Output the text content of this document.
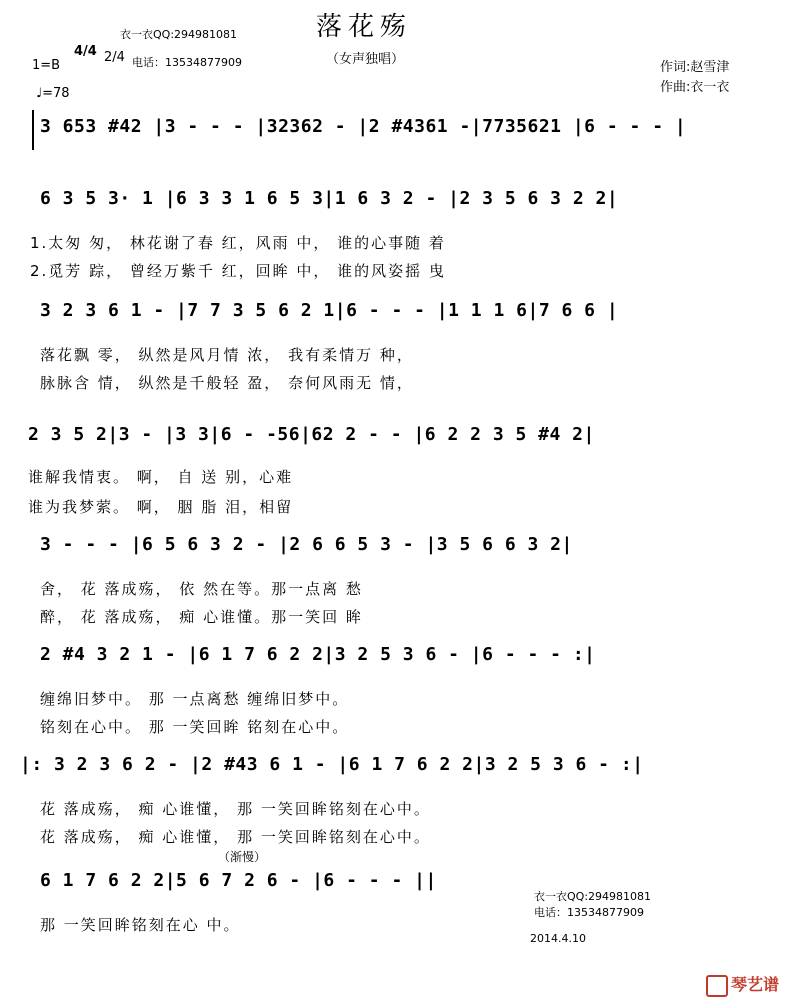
衣一衣QQ:294981081	落花殇
1=B
4/4 2/4 电话：13534877909	（女声独唱）
♩=78
作词:赵雪津
作曲:衣一衣
3 653 #42 |3 - - - |32362 - |2 #4361 -|7735621 |6 - - - |
6 3 5 3· 1 |6 3 3 1 6 5 3|1 6 3 2 - |2 3 5 6 3 2 2|
1.太匆 匆， 林花谢了春 红，风雨 中， 谁的心事随 着
2.觅芳 踪， 曾经万紫千 红，回眸 中， 谁的风姿摇 曳
3 2 3 6 1 - |7 7 3 5 6 2 1|6 - - - |1 1 1 6|7 6 6 |
落花飘 零， 纵然是风月情 浓， 我有柔情万 种，
脉脉含 情， 纵然是千般轻 盈， 奈何风雨无 情，
2 3 5 2|3 - |3 3|6 - -56|62 2 - - |6 2 2 3 5 #4 2|
谁解我情衷。 啊， 自 送 别，心难
谁为我梦萦。 啊， 胭 脂 泪，相留
3 - - - |6 5 6 3 2 - |2 6 6 5 3 - |3 5 6 6 3 2|
舍， 花 落成殇， 依 然在等。那一点离 愁
醉， 花 落成殇， 痴 心谁懂。那一笑回 眸
2 #4 3 2 1 - |6 1 7 6 2 2|3 2 5 3 6 - |6 - - - :|
缠绵旧梦中。 那 一点离愁 缠绵旧梦中。
铭刻在心中。 那 一笑回眸 铭刻在心中。
|: 3 2 3 6 2 - |2 #43 6 1 - |6 1 7 6 2 2|3 2 5 3 6 - :|
花 落成殇， 痴 心谁懂， 那 一笑回眸铭刻在心中。
花 落成殇， 痴 心谁懂， 那 一笑回眸铭刻在心中。
（渐慢）
6 1 7 6 2 2|5 6 7 2 6 - |6 - - - ||
那 一笑回眸铭刻在心 中。
衣一衣QQ:294981081
电话：13534877909
2014.4.10
琴艺谱
